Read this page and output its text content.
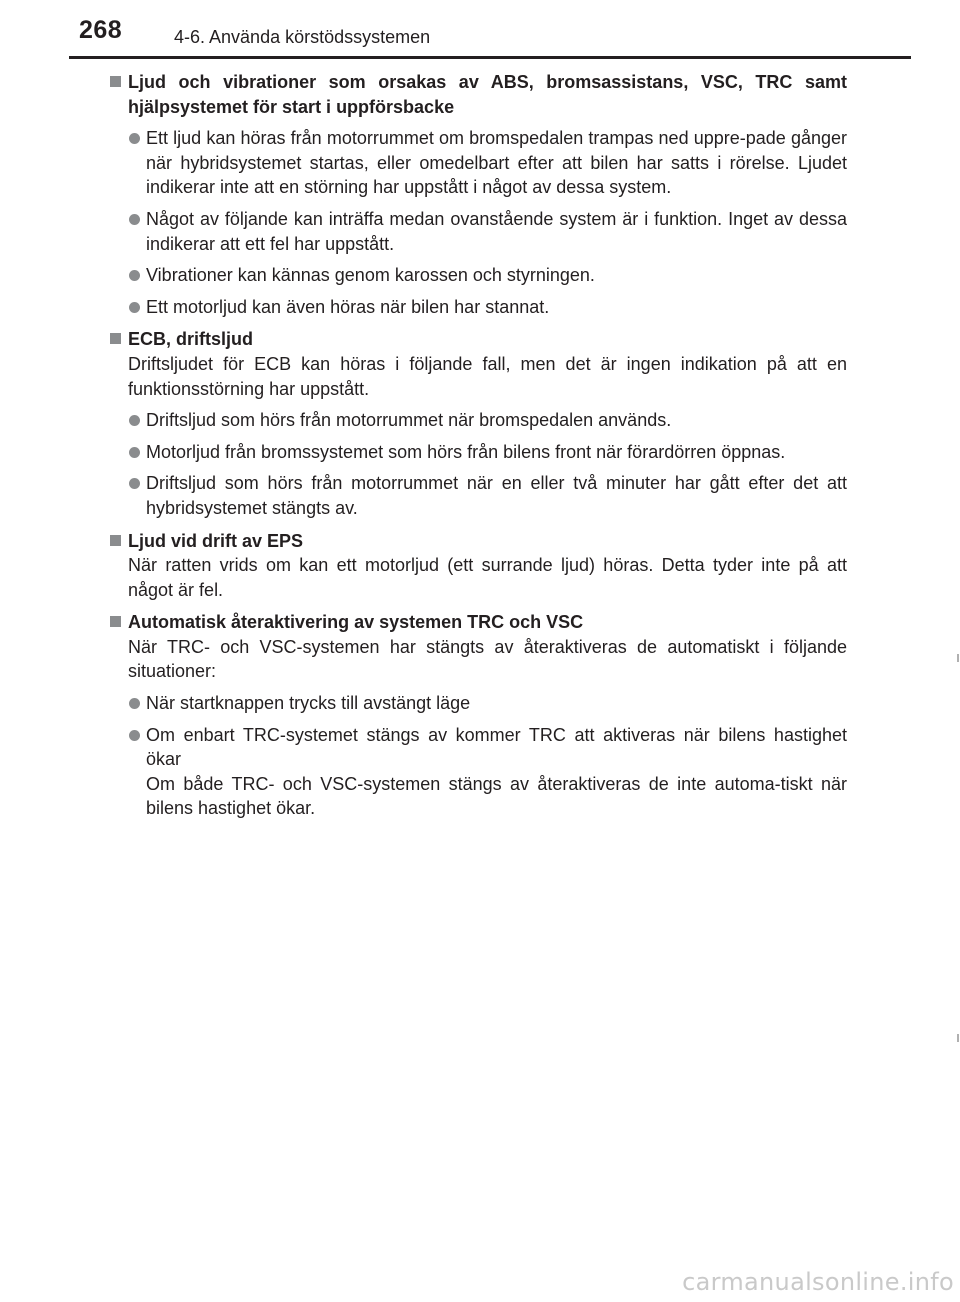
268	4-6. Använda körstödssystemen
Ljud och vibrationer som orsakas av ABS, bromsassistans, VSC, TRC samt hjälpsystemet för start i uppförsbacke
Ett ljud kan höras från motorrummet om bromspedalen trampas ned uppre-pade gånger när hybridsystemet startas, eller omedelbart efter att bilen har satts i rörelse. Ljudet indikerar inte att en störning har uppstått i något av dessa system.
Något av följande kan inträffa medan ovanstående system är i funktion. Inget av dessa indikerar att ett fel har uppstått.
Vibrationer kan kännas genom karossen och styrningen.
Ett motorljud kan även höras när bilen har stannat.
ECB, driftsljud
Driftsljudet för ECB kan höras i följande fall, men det är ingen indikation på att en funktionsstörning har uppstått.
Driftsljud som hörs från motorrummet när bromspedalen används.
Motorljud från bromssystemet som hörs från bilens front när förardörren öppnas.
Driftsljud som hörs från motorrummet när en eller två minuter har gått efter det att hybridsystemet stängts av.
Ljud vid drift av EPS
När ratten vrids om kan ett motorljud (ett surrande ljud) höras. Detta tyder inte på att något är fel.
Automatisk återaktivering av systemen TRC och VSC
När TRC- och VSC-systemen har stängts av återaktiveras de automatiskt i följande situationer:
När startknappen trycks till avstängt läge
Om enbart TRC-systemet stängs av kommer TRC att aktiveras när bilens hastighet ökar
Om både TRC- och VSC-systemen stängs av återaktiveras de inte automa-tiskt när bilens hastighet ökar.
carmanualsonline.info
